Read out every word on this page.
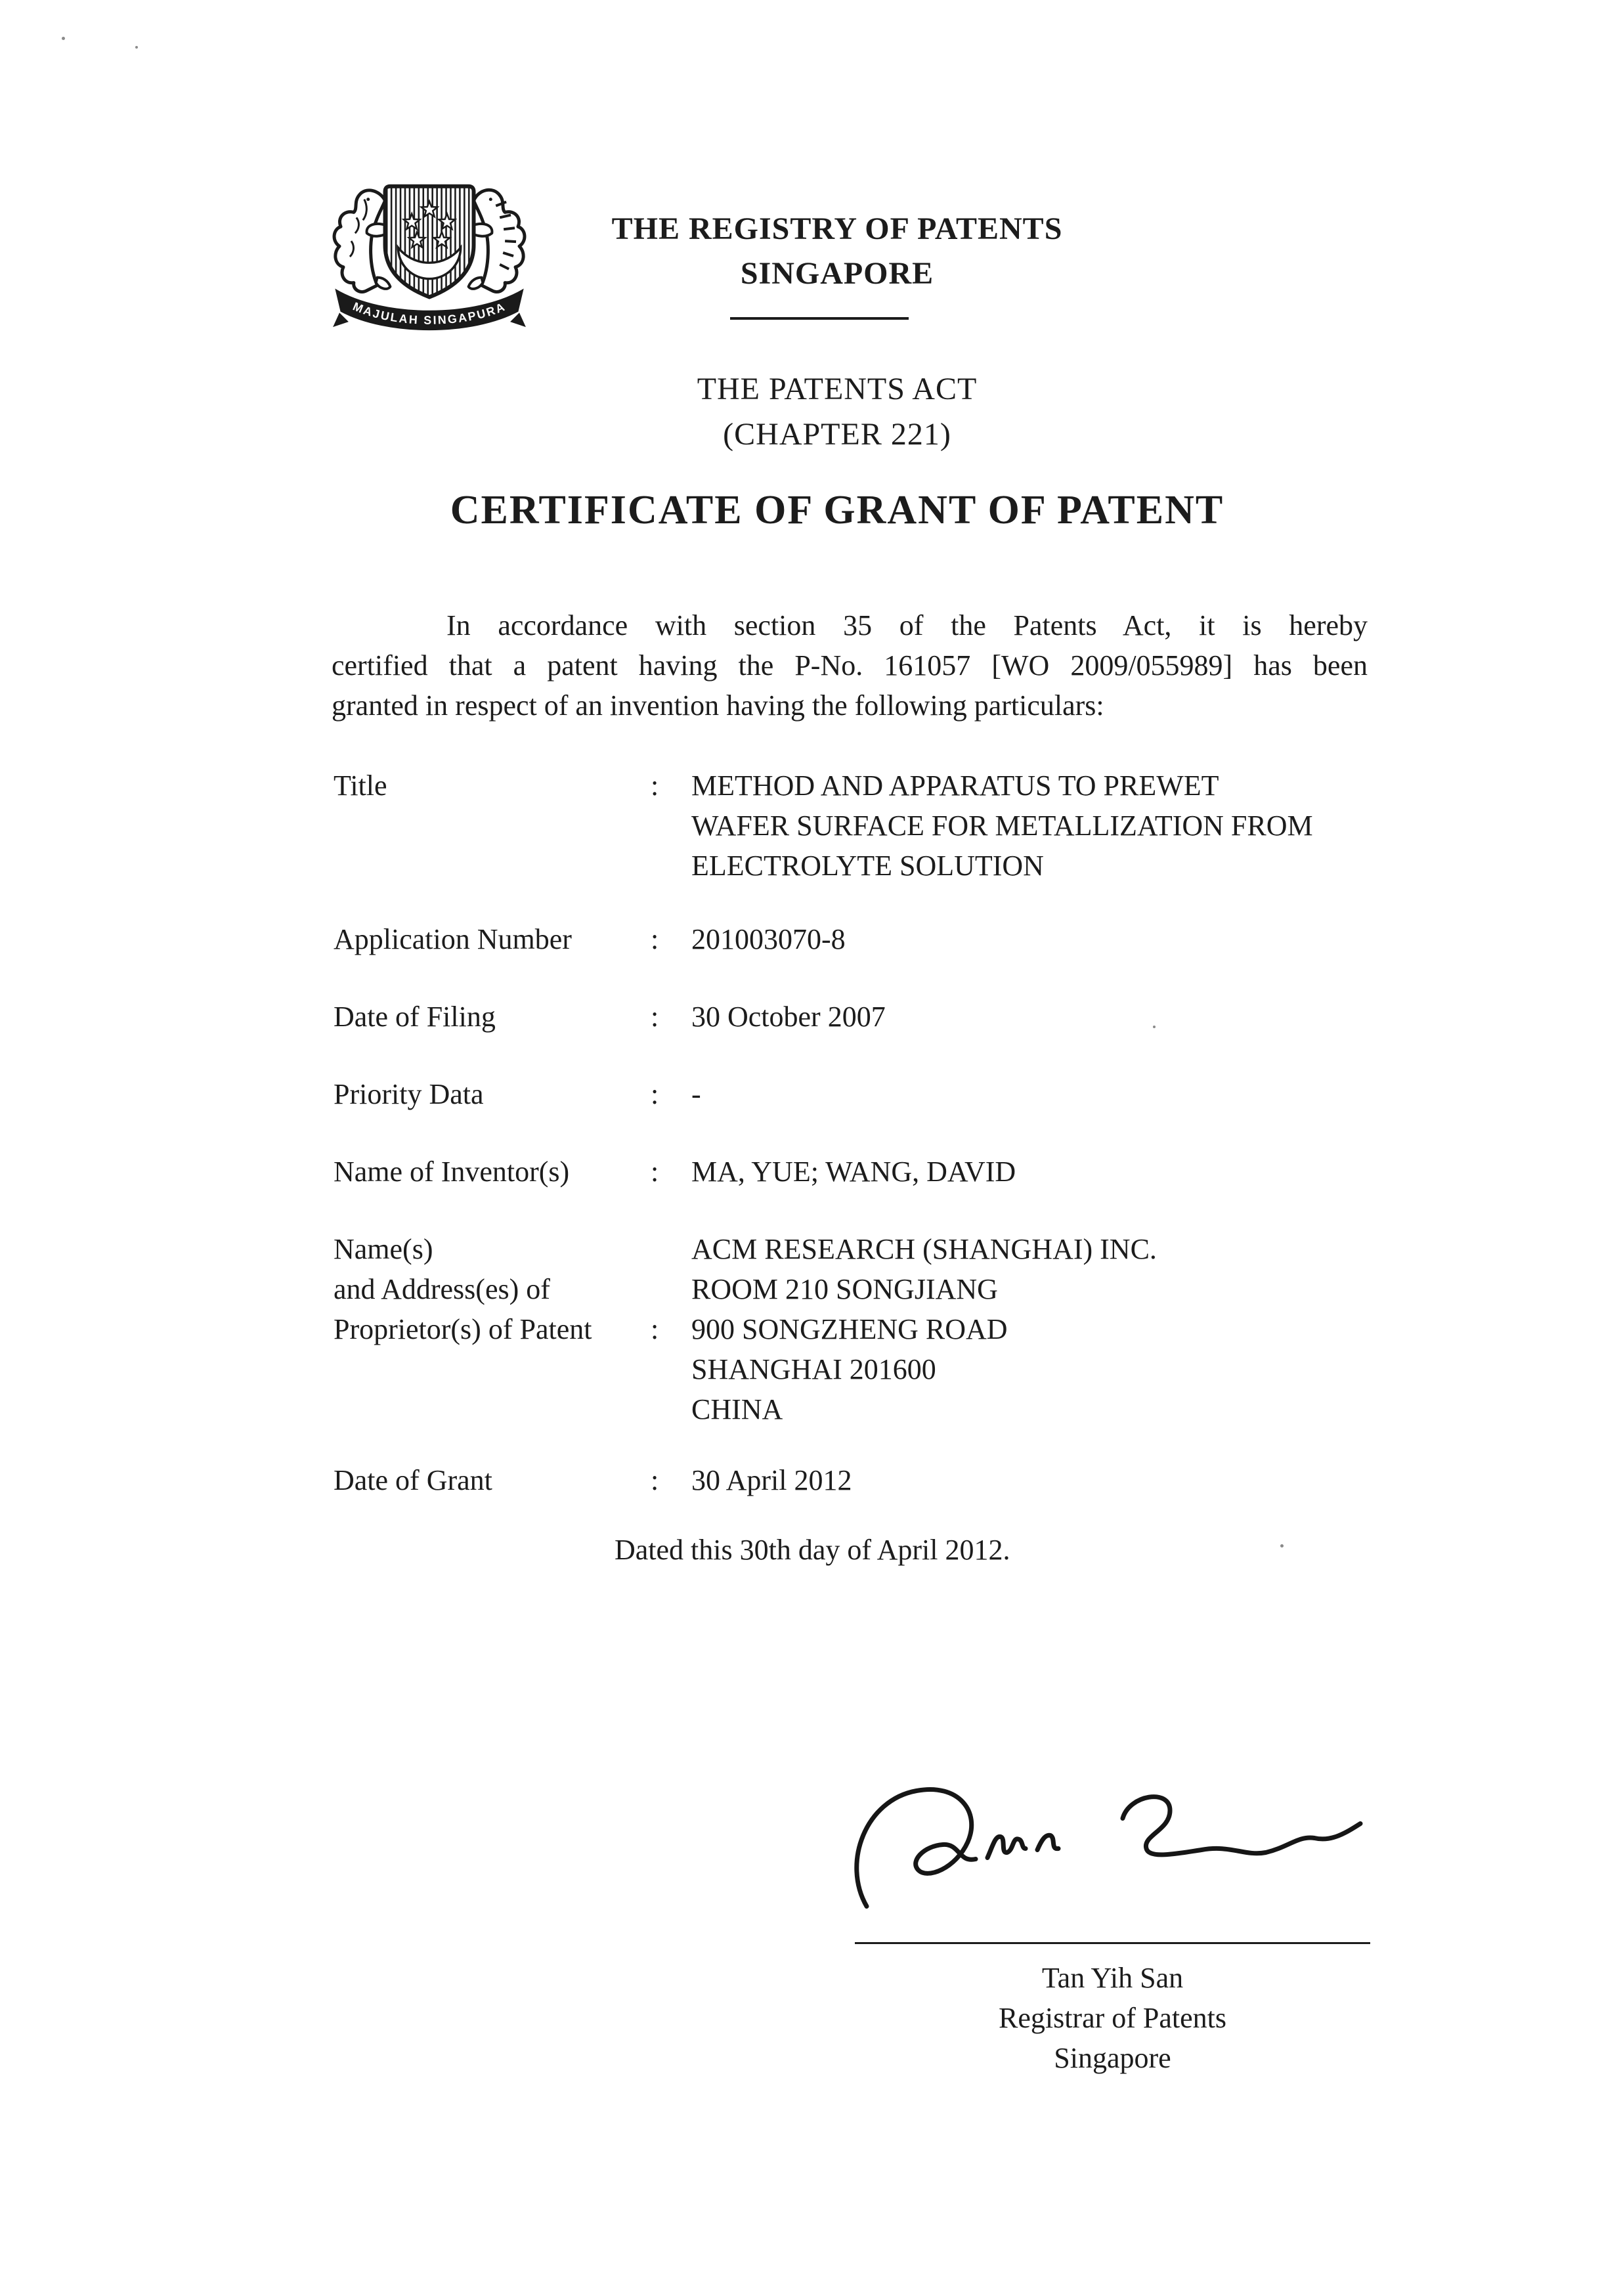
MAJULAH SINGAPURA
THE REGISTRY OF PATENTS
SINGAPORE
THE PATENTS ACT
(CHAPTER 221)
CERTIFICATE OF GRANT OF PATENT
In accordance with section 35 of the Patents Act, it is hereby
certified that a patent having the P-No. 161057 [WO 2009/055989] has been
granted in respect of an invention having the following particulars:
Title	:	METHOD AND APPARATUS TO PREWET
WAFER SURFACE FOR METALLIZATION FROM
ELECTROLYTE SOLUTION
Application Number	:	201003070-8
Date of Filing	:	30 October 2007
Priority Data	:	-
Name of Inventor(s)	:	MA, YUE; WANG, DAVID
Name(s)
and Address(es) of
Proprietor(s) of Patent	:
ACM RESEARCH (SHANGHAI) INC.
ROOM 210 SONGJIANG
900 SONGZHENG ROAD
SHANGHAI 201600
CHINA
Date of Grant	:	30 April 2012
Dated this 30th day of April 2012.
Tan Yih San
Registrar of Patents
Singapore
